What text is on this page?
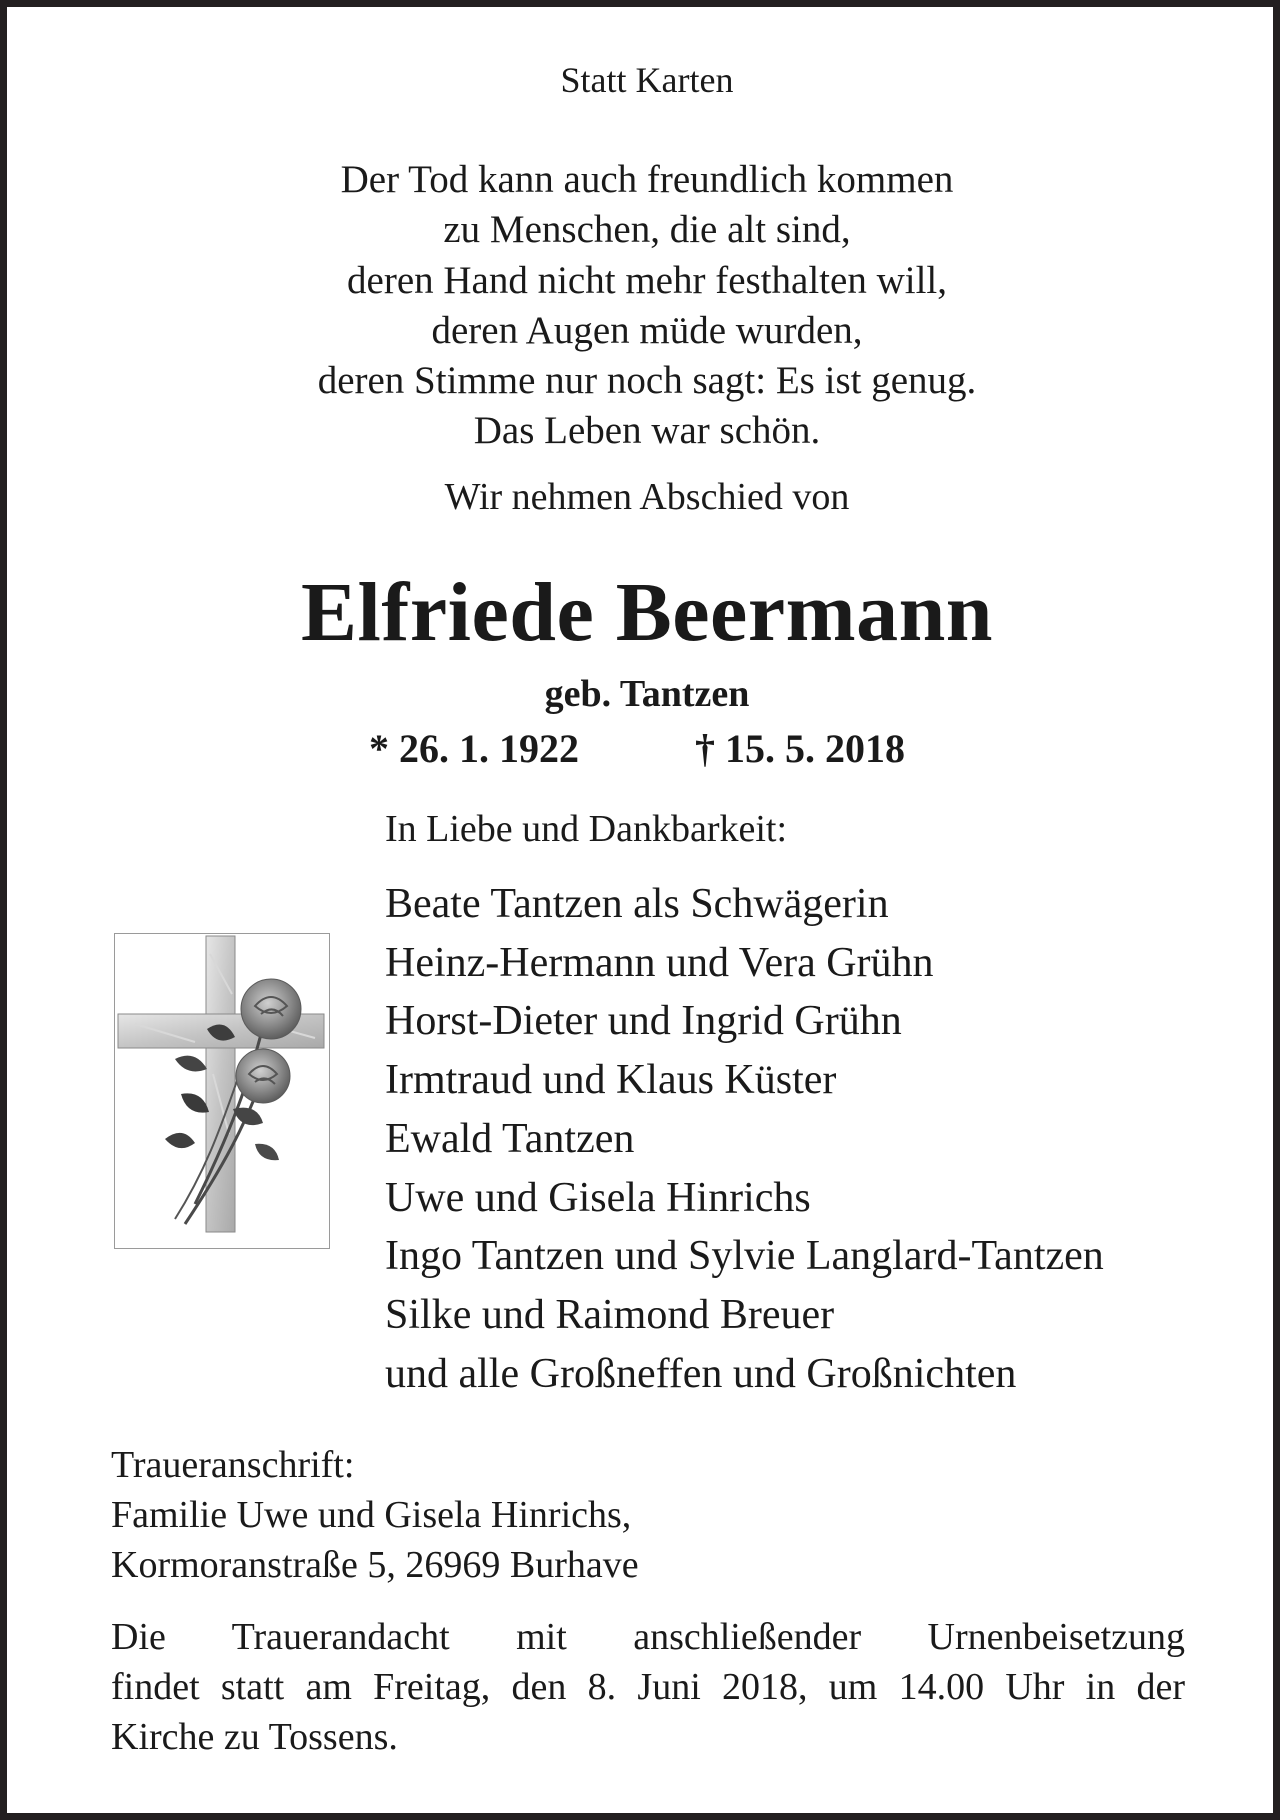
Statt Karten
Der Tod kann auch freundlich kommen
zu Menschen, die alt sind,
deren Hand nicht mehr festhalten will,
deren Augen müde wurden,
deren Stimme nur noch sagt: Es ist genug.
Das Leben war schön.
Wir nehmen Abschied von
Elfriede Beermann
geb. Tantzen
* 26. 1. 1922	† 15. 5. 2018
In Liebe und Dankbarkeit:
Beate Tantzen als Schwägerin
Heinz-Hermann und Vera Grühn
Horst-Dieter und Ingrid Grühn
Irmtraud und Klaus Küster
Ewald Tantzen
Uwe und Gisela Hinrichs
Ingo Tantzen und Sylvie Langlard-Tantzen
Silke und Raimond Breuer
und alle Großneffen und Großnichten
Traueranschrift:
Familie Uwe und Gisela Hinrichs,
Kormoranstraße 5, 26969 Burhave
Die Trauerandacht mit anschließender Urnenbeisetzung
findet statt am Freitag, den 8. Juni 2018, um 14.00 Uhr in der
Kirche zu Tossens.
